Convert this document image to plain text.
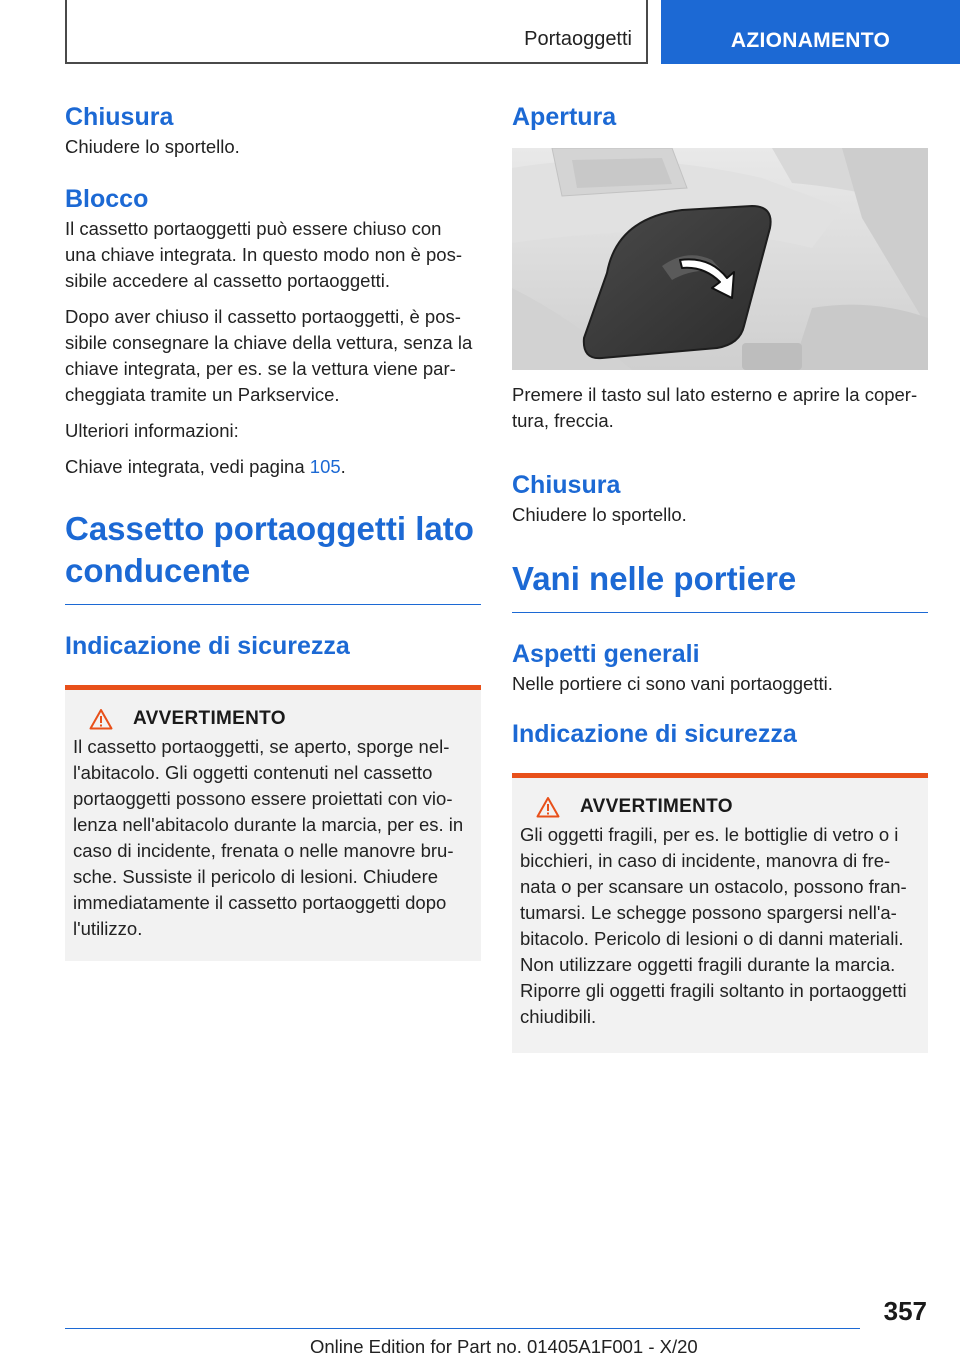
Portaoggetti	AZIONAMENTO
Chiusura

Chiudere lo sportello.

Blocco

Il cassetto portaoggetti può essere chiuso con
una chiave integrata. In questo modo non è pos-
sibile accedere al cassetto portaoggetti.

Dopo aver chiuso il cassetto portaoggetti, è pos-
sibile consegnare la chiave della vettura, senza la
chiave integrata, per es. se la vettura viene par-
cheggiata tramite un Parkservice.

Ulteriori informazioni:

Chiave integrata, vedi pagina 105.

Cassetto portaoggetti lato
conducente
Indicazione di sicurezza
AVVERTIMENTO

Il cassetto portaoggetti, se aperto, sporge nel-
l'abitacolo. Gli oggetti contenuti nel cassetto
portaoggetti possono essere proiettati con vio-
lenza nell'abitacolo durante la marcia, per es. in
caso di incidente, frenata o nelle manovre bru-
sche. Sussiste il pericolo di lesioni. Chiudere
immediatamente il cassetto portaoggetti dopo
l'utilizzo.

Apertura

Premere il tasto sul lato esterno e aprire la coper-
tura, freccia.

Chiusura

Chiudere lo sportello.

Vani nelle portiere
Aspetti generali

Nelle portiere ci sono vani portaoggetti.

Indicazione di sicurezza
AVVERTIMENTO

Gli oggetti fragili, per es. le bottiglie di vetro o i
bicchieri, in caso di incidente, manovra di fre-
nata o per scansare un ostacolo, possono fran-
tumarsi. Le schegge possono spargersi nell'a-
bitacolo. Pericolo di lesioni o di danni materiali.
Non utilizzare oggetti fragili durante la marcia.
Riporre gli oggetti fragili soltanto in portaoggetti
chiudibili.

357
Online Edition for Part no. 01405A1F001 - X/20
